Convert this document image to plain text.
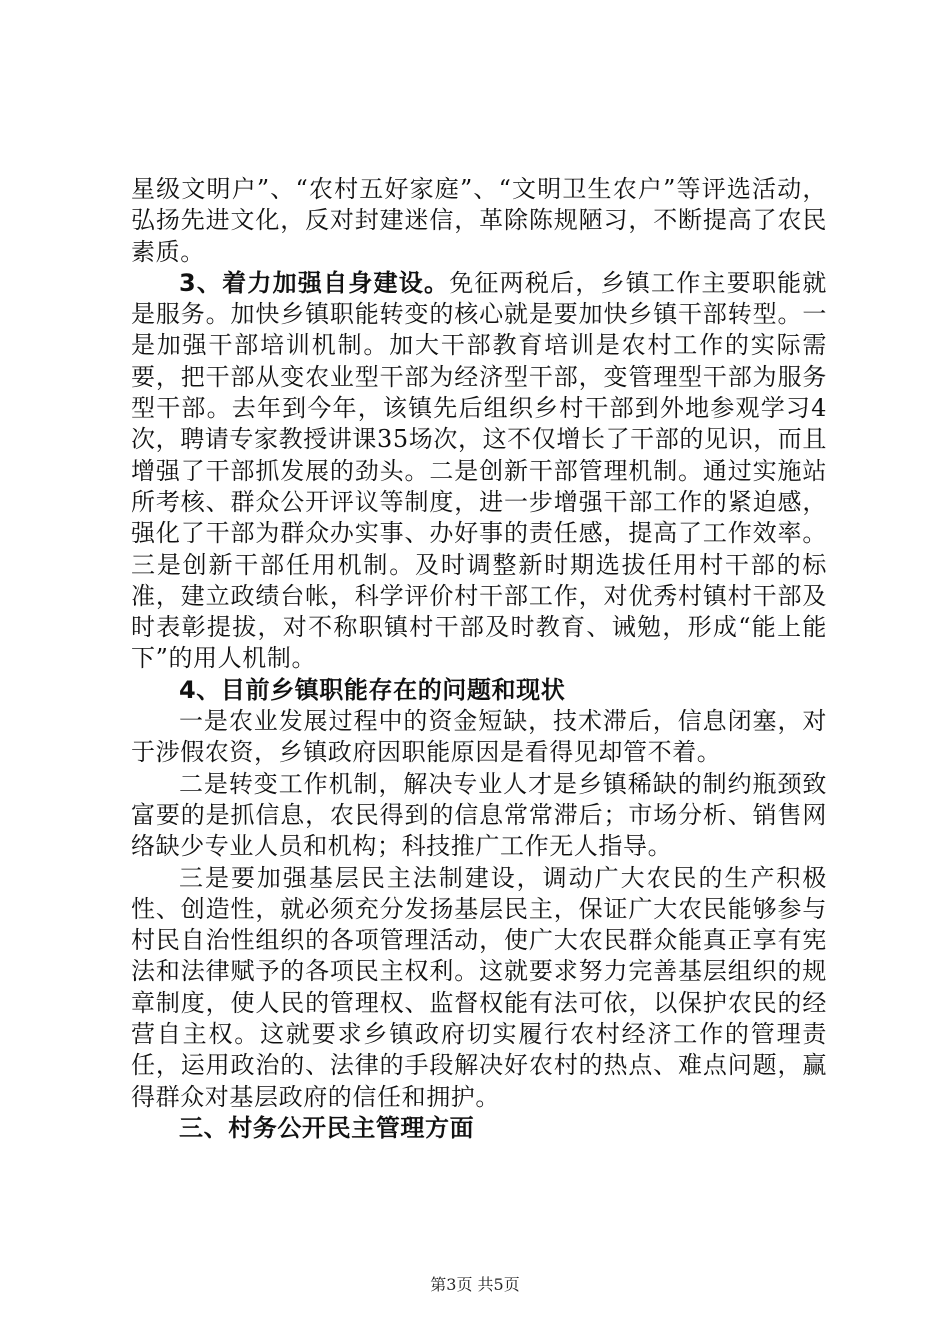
星级文明户”、“农村五好家庭”、“文明卫生农户”等评选活动，弘扬先进文化，反对封建迷信，革除陈规陋习，不断提高了农民素质。

3、着力加强自身建设。免征两税后，乡镇工作主要职能就是服务。加快乡镇职能转变的核心就是要加快乡镇干部转型。一是加强干部培训机制。加大干部教育培训是农村工作的实际需要，把干部从变农业型干部为经济型干部，变管理型干部为服务型干部。去年到今年，该镇先后组织乡村干部到外地参观学习4次，聘请专家教授讲课35场次，这不仅增长了干部的见识，而且增强了干部抓发展的劲头。二是创新干部管理机制。通过实施站所考核、群众公开评议等制度，进一步增强干部工作的紧迫感，强化了干部为群众办实事、办好事的责任感，提高了工作效率。三是创新干部任用机制。及时调整新时期选拔任用村干部的标准，建立政绩台帐，科学评价村干部工作，对优秀村镇村干部及时表彰提拔，对不称职镇村干部及时教育、诫勉，形成“能上能下”的用人机制。

4、目前乡镇职能存在的问题和现状

一是农业发展过程中的资金短缺，技术滞后，信息闭塞，对于涉假农资，乡镇政府因职能原因是看得见却管不着。

二是转变工作机制，解决专业人才是乡镇稀缺的制约瓶颈致富要的是抓信息，农民得到的信息常常滞后；市场分析、销售网络缺少专业人员和机构；科技推广工作无人指导。

三是要加强基层民主法制建设，调动广大农民的生产积极性、创造性，就必须充分发扬基层民主，保证广大农民能够参与村民自治性组织的各项管理活动，使广大农民群众能真正享有宪法和法律赋予的各项民主权利。这就要求努力完善基层组织的规章制度，使人民的管理权、监督权能有法可依，以保护农民的经营自主权。这就要求乡镇政府切实履行农村经济工作的管理责任，运用政治的、法律的手段解决好农村的热点、难点问题，赢得群众对基层政府的信任和拥护。

三、村务公开民主管理方面

第3页 共5页
